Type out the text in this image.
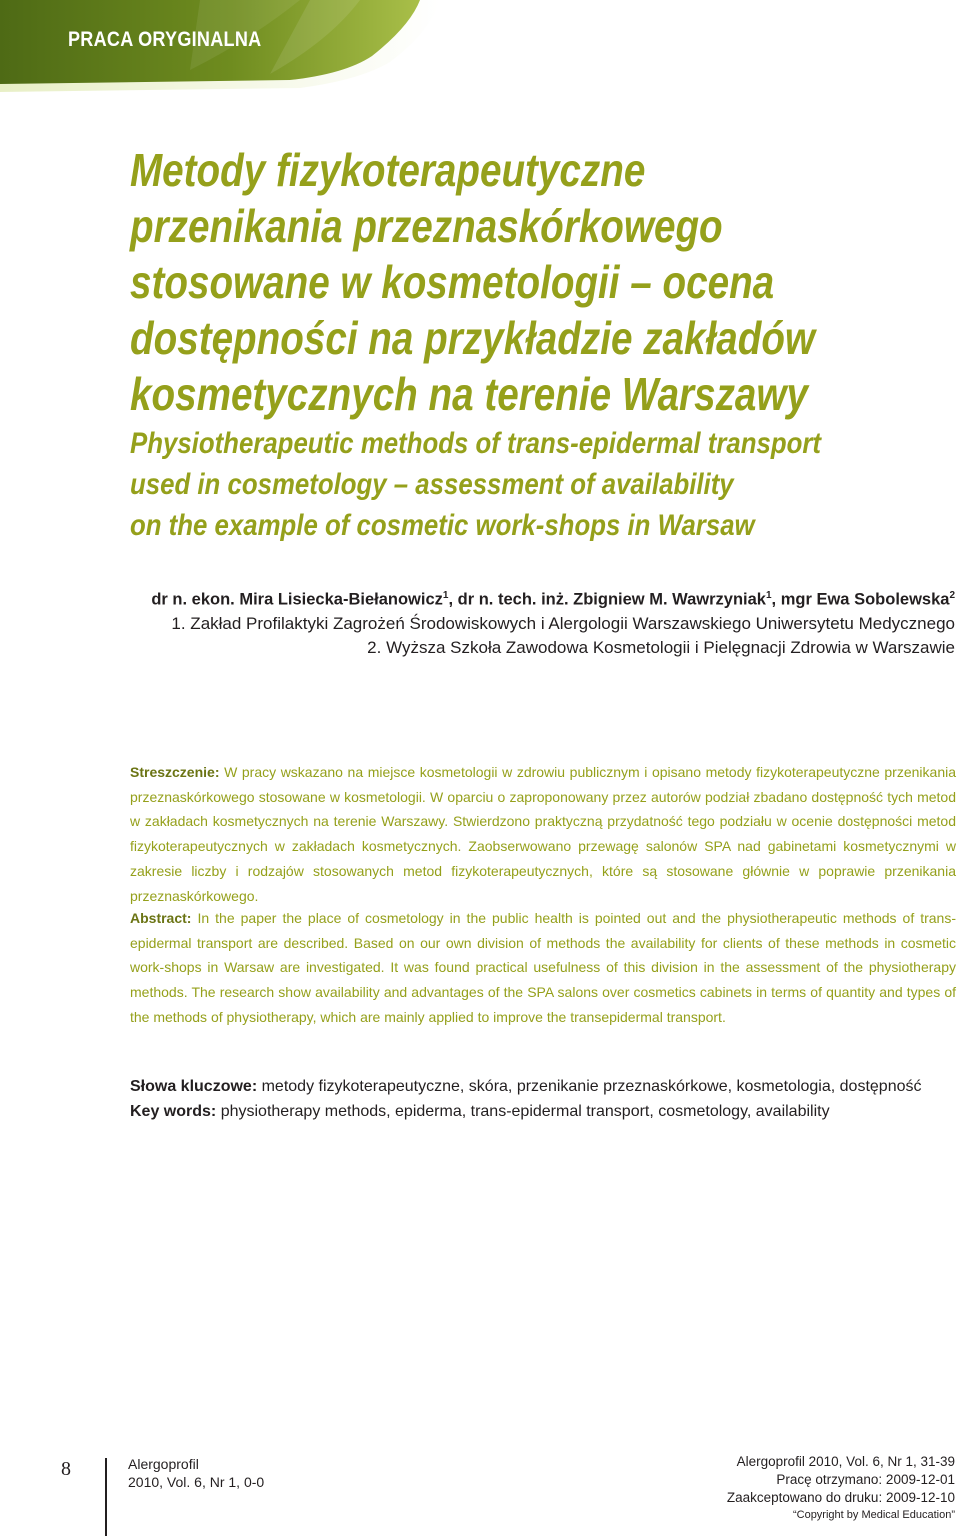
PRACA ORYGINALNA
Metody fizykoterapeutyczne
przenikania przeznaskórkowego
stosowane w kosmetologii – ocena
dostępności na przykładzie zakładów
kosmetycznych na terenie Warszawy
Physiotherapeutic methods of trans-epidermal transport
used in cosmetology – assessment of availability
on the example of cosmetic work-shops in Warsaw
dr n. ekon. Mira Lisiecka-Biełanowicz$^1$, dr n. tech. inż. Zbigniew M. Wawrzyniak$^1$, mgr Ewa Sobolewska$^2$
1. Zakład Profilaktyki Zagrożeń Środowiskowych i Alergologii Warszawskiego Uniwersytetu Medycznego
2. Wyższa Szkoła Zawodowa Kosmetologii i Pielęgnacji Zdrowia w Warszawie
Streszczenie: W pracy wskazano na miejsce kosmetologii w zdrowiu publicznym i opisano metody fizykoterapeutyczne przenikania przeznaskórkowego stosowane w kosmetologii. W oparciu o zaproponowany przez autorów podział zbadano dostępność tych metod w zakładach kosmetycznych na terenie Warszawy. Stwierdzono praktyczną przydatność tego podziału w ocenie dostępności metod fizykoterapeutycznych w zakładach kosmetycznych. Zaobserwowano przewagę salonów SPA nad gabinetami kosmetycznymi w zakresie liczby i rodzajów stosowanych metod fizykoterapeutycznych, które są stosowane głównie w poprawie przenikania przeznaskórkowego.
Abstract: In the paper the place of cosmetology in the public health is pointed out and the physiotherapeutic methods of trans-epidermal transport are described. Based on our own division of methods the availability for clients of these methods in cosmetic work-shops in Warsaw are investigated. It was found practical usefulness of this division in the assessment of the physiotherapy methods. The research show availability and advantages of the SPA salons over cosmetics cabinets in terms of quantity and types of the methods of physiotherapy, which are mainly applied to improve the transepidermal transport.
Słowa kluczowe: metody fizykoterapeutyczne, skóra, przenikanie przeznaskórkowe, kosmetologia, dostępność
Key words: physiotherapy methods, epiderma, trans-epidermal transport, cosmetology, availability
8	Alergoprofil
2010, Vol. 6, Nr 1, 0-0
Alergoprofil 2010, Vol. 6, Nr 1, 31-39
Pracę otrzymano: 2009-12-01
Zaakceptowano do druku: 2009-12-10
“Copyright by Medical Education”
